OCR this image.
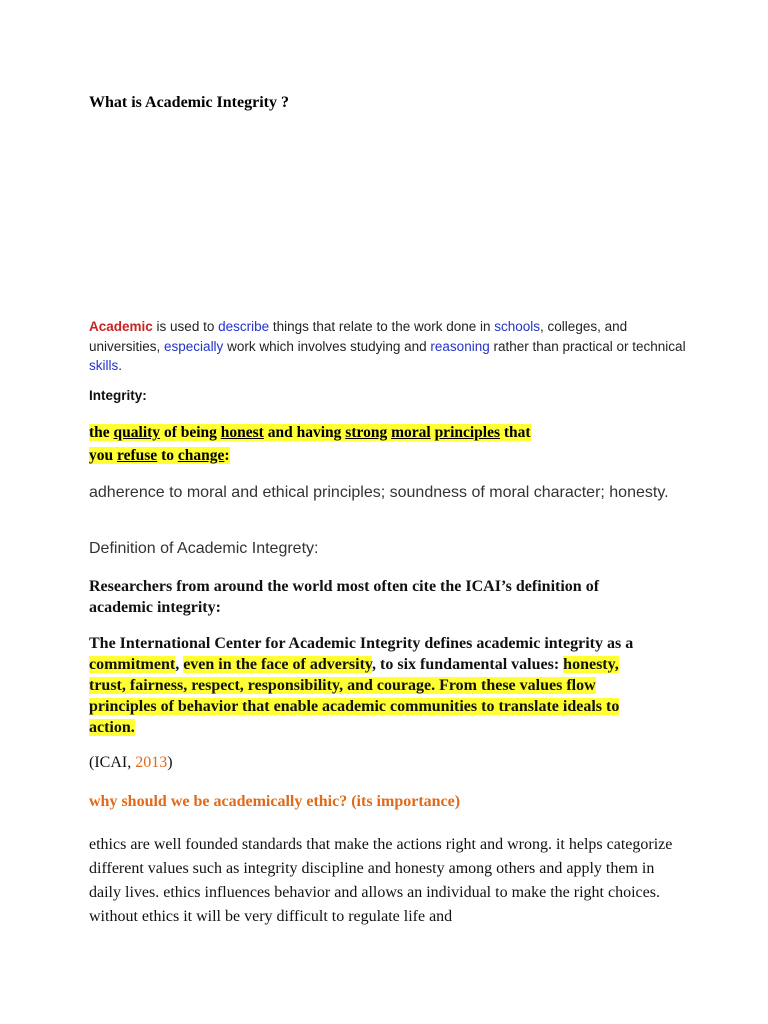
What is Academic Integrity ?
Academic is used to describe things that relate to the work done in schools, colleges, and universities, especially work which involves studying and reasoning rather than practical or technical skills.
Integrity:
the quality of being honest and having strong moral principles that
you refuse to change:
adherence to moral and ethical principles; soundness of moral character; honesty.
Definition of Academic Integrety:
Researchers from around the world most often cite the ICAI’s definition of academic integrity:
The International Center for Academic Integrity defines academic integrity as a commitment, even in the face of adversity, to six fundamental values: honesty, trust, fairness, respect, responsibility, and courage. From these values flow principles of behavior that enable academic communities to translate ideals to action.
(ICAI, 2013)
why should we be academically ethic? (its importance)
ethics are well founded standards that make the actions right and wrong. it helps categorize different values such as integrity discipline and honesty among others and apply them in daily lives. ethics influences behavior and allows an individual to make the right choices. without ethics it will be very difficult to regulate life and
